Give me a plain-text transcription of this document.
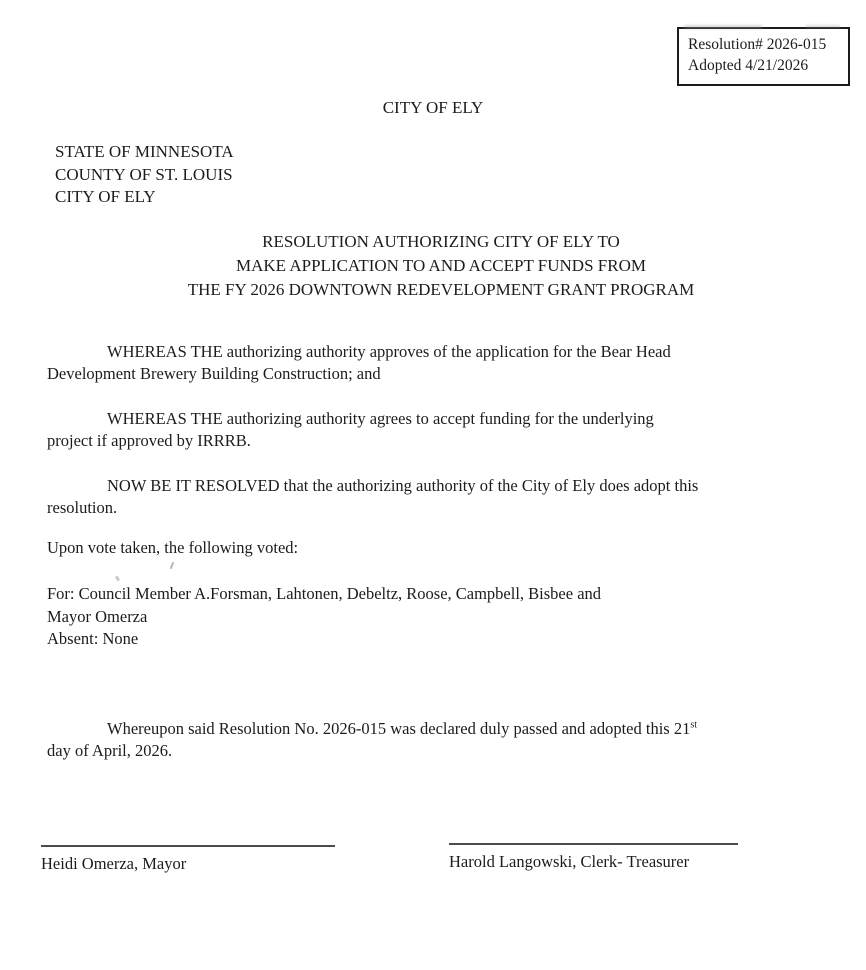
Resolution# 2026-015
Adopted 4/21/2026
CITY OF ELY
STATE OF MINNESOTA
COUNTY OF ST. LOUIS
CITY OF ELY
RESOLUTION AUTHORIZING CITY OF ELY TO
MAKE APPLICATION TO AND ACCEPT FUNDS FROM
THE FY 2026 DOWNTOWN REDEVELOPMENT GRANT PROGRAM
WHEREAS THE authorizing authority approves of the application for the Bear Head
Development Brewery Building Construction; and
WHEREAS THE authorizing authority agrees to accept funding for the underlying
project if approved by IRRRB.
NOW BE IT RESOLVED that the authorizing authority of the City of Ely does adopt this
resolution.
Upon vote taken, the following voted:
For: Council Member A.Forsman, Lahtonen, Debeltz, Roose, Campbell, Bisbee and
Mayor Omerza
Absent: None
Whereupon said Resolution No. 2026-015 was declared duly passed and adopted this 21st
day of April, 2026.
Heidi Omerza, Mayor	Harold Langowski, Clerk- Treasurer
